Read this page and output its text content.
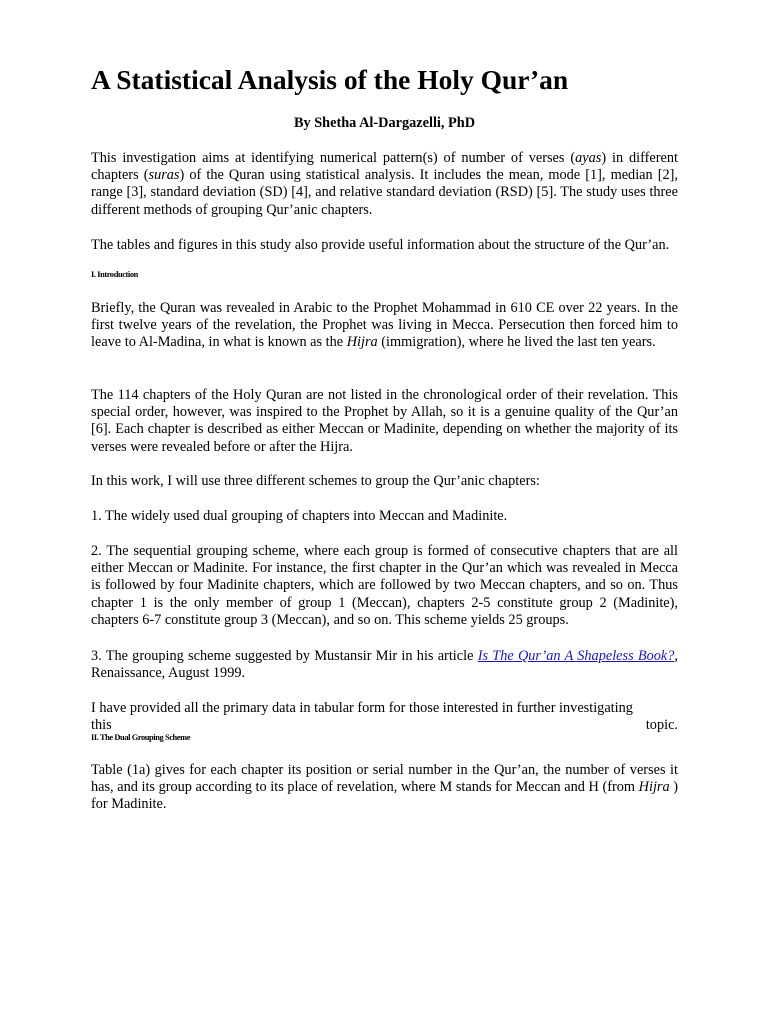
A Statistical Analysis of the Holy Qur’an

By Shetha Al-Dargazelli, PhD

This investigation aims at identifying numerical pattern(s) of number of verses (ayas) in different chapters (suras) of the Quran using statistical analysis. It includes the mean, mode [1], median [2], range [3], standard deviation (SD) [4], and relative standard deviation (RSD) [5]. The study uses three different methods of grouping Qur’anic chapters.

The tables and figures in this study also provide useful information about the structure of the Qur’an.

I. Introduction

Briefly, the Quran was revealed in Arabic to the Prophet Mohammad in 610 CE over 22 years. In the first twelve years of the revelation, the Prophet was living in Mecca. Persecution then forced him to leave to Al-Madina, in what is known as the Hijra (immigration), where he lived the last ten years.

The 114 chapters of the Holy Quran are not listed in the chronological order of their revelation. This special order, however, was inspired to the Prophet by Allah, so it is a genuine quality of the Qur’an [6]. Each chapter is described as either Meccan or Madinite, depending on whether the majority of its verses were revealed before or after the Hijra.

In this work, I will use three different schemes to group the Qur’anic chapters:

1. The widely used dual grouping of chapters into Meccan and Madinite.

2. The sequential grouping scheme, where each group is formed of consecutive chapters that are all either Meccan or Madinite. For instance, the first chapter in the Qur’an which was revealed in Mecca is followed by four Madinite chapters, which are followed by two Meccan chapters, and so on. Thus chapter 1 is the only member of group 1 (Meccan), chapters 2-5 constitute group 2 (Madinite), chapters 6-7 constitute group 3 (Meccan), and so on. This scheme yields 25 groups.

3. The grouping scheme suggested by Mustansir Mir in his article Is The Qur’an A Shapeless Book?, Renaissance, August 1999.

I have provided all the primary data in tabular form for those interested in further investigating
this	topic.

II. The Dual Grouping Scheme

Table (1a) gives for each chapter its position or serial number in the Qur’an, the number of verses it has, and its group according to its place of revelation, where M stands for Meccan and H (from Hijra ) for Madinite.
